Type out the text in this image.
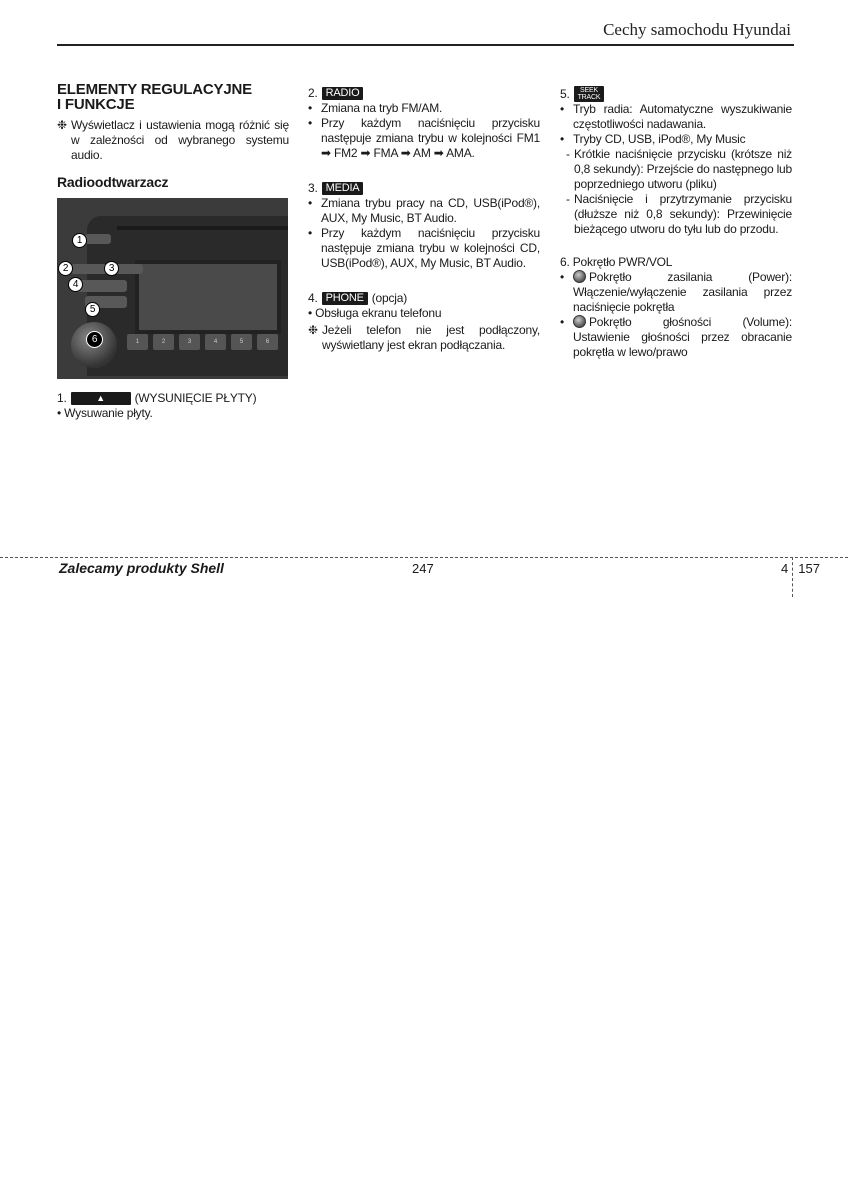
Cechy samochodu Hyundai

ELEMENTY REGULACYJNE

I FUNKCJE

❉ Wyświetlacz i ustawienia mogą różnić się w zależności od wybranego systemu audio.
Radioodtwarzacz
1	2	3	4	5	6
1
2	3
4
5
6
1.	▲	(WYSUNIĘCIE PŁYTY)
• Wysuwanie płyty.
2. RADIO
• Zmiana na tryb FM/AM.
• Przy każdym naciśnięciu przycisku następuje zmiana trybu w kolejności FM1 ➡ FM2 ➡ FMA ➡ AM ➡ AMA.
3. MEDIA
• Zmiana trybu pracy na CD, USB(iPod®), AUX, My Music, BT Audio.
• Przy każdym naciśnięciu przycisku następuje zmiana trybu w kolejności CD, USB(iPod®), AUX, My Music, BT Audio.
4. PHONE (opcja)
• Obsługa ekranu telefonu
❉ Jeżeli telefon nie jest podłączony, wyświetlany jest ekran podłączania.
5.	SEEK
TRACK
• Tryb radia: Automatyczne wyszukiwanie częstotliwości nadawania.
• Tryby CD, USB, iPod®, My Music
- Krótkie naciśnięcie przycisku (krótsze niż 0,8 sekundy): Przejście do następnego lub poprzedniego utworu (pliku)
- Naciśnięcie i przytrzymanie przycisku (dłuższe niż 0,8 sekundy): Przewinięcie bieżącego utworu do tyłu lub do przodu.
6. Pokrętło PWR/VOL
• Pokrętło zasilania (Power): Włączenie/wyłączenie zasilania przez naciśnięcie pokrętła
• Pokrętło głośności (Volume): Ustawienie głośności przez obracanie pokrętła w lewo/prawo
Zalecamy produkty Shell	247	4 157
